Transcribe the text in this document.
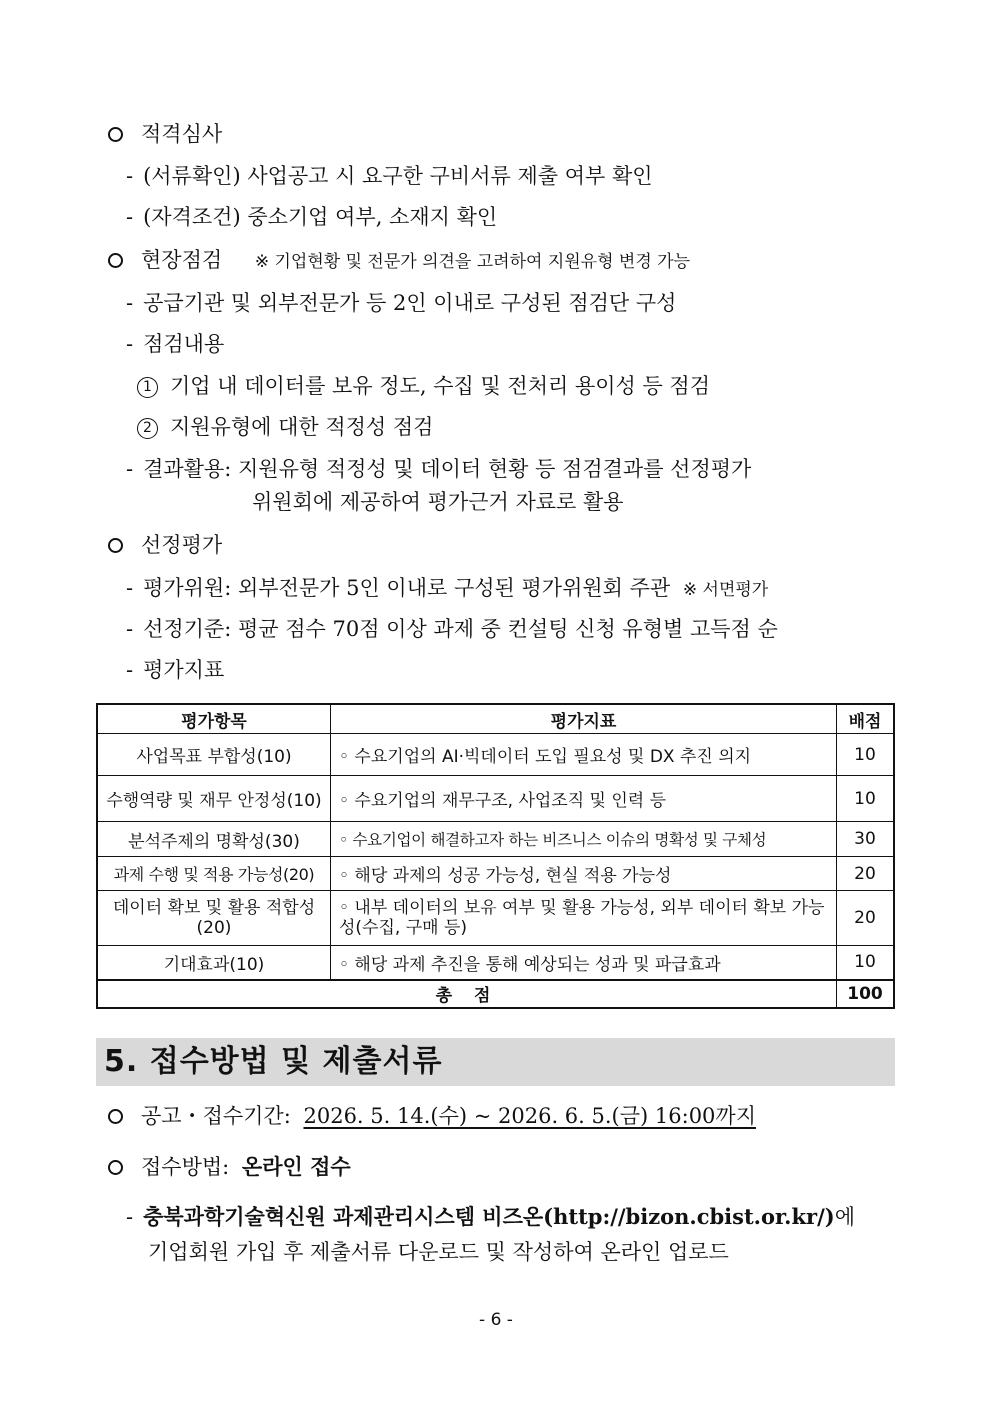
적격심사
- (서류확인) 사업공고 시 요구한 구비서류 제출 여부 확인
- (자격조건) 중소기업 여부, 소재지 확인
현장점검 ※ 기업현황 및 전문가 의견을 고려하여 지원유형 변경 가능
- 공급기관 및 외부전문가 등 2인 이내로 구성된 점검단 구성
- 점검내용
1 기업 내 데이터를 보유 정도, 수집 및 전처리 용이성 등 점검
2 지원유형에 대한 적정성 점검
- 결과활용: 지원유형 적정성 및 데이터 현황 등 점검결과를 선정평가
위원회에 제공하여 평가근거 자료로 활용
선정평가
- 평가위원: 외부전문가 5인 이내로 구성된 평가위원회 주관 ※ 서면평가
- 선정기준: 평균 점수 70점 이상 과제 중 컨설팅 신청 유형별 고득점 순
- 평가지표
평가항목	평가지표	배점
사업목표 부합성(10)	◦ 수요기업의 AI·빅데이터 도입 필요성 및 DX 추진 의지	10
수행역량 및 재무 안정성(10)	◦ 수요기업의 재무구조, 사업조직 및 인력 등	10
분석주제의 명확성(30)	◦ 수요기업이 해결하고자 하는 비즈니스 이슈의 명확성 및 구체성	30
과제 수행 및 적용 가능성(20)	◦ 해당 과제의 성공 가능성, 현실 적용 가능성	20
데이터 확보 및 활용 적합성(20)	◦ 내부 데이터의 보유 여부 및 활용 가능성, 외부 데이터 확보 가능성(수집, 구매 등)	20
기대효과(10)	◦ 해당 과제 추진을 통해 예상되는 성과 및 파급효과	10
총 점		100
5. 접수방법 및 제출서류
공고・접수기간: 2026. 5. 14.(수) ~ 2026. 6. 5.(금) 16:00까지
접수방법: 온라인 접수
- 충북과학기술혁신원 과제관리시스템 비즈온(http://bizon.cbist.or.kr/)에
기업회원 가입 후 제출서류 다운로드 및 작성하여 온라인 업로드
- 6 -
